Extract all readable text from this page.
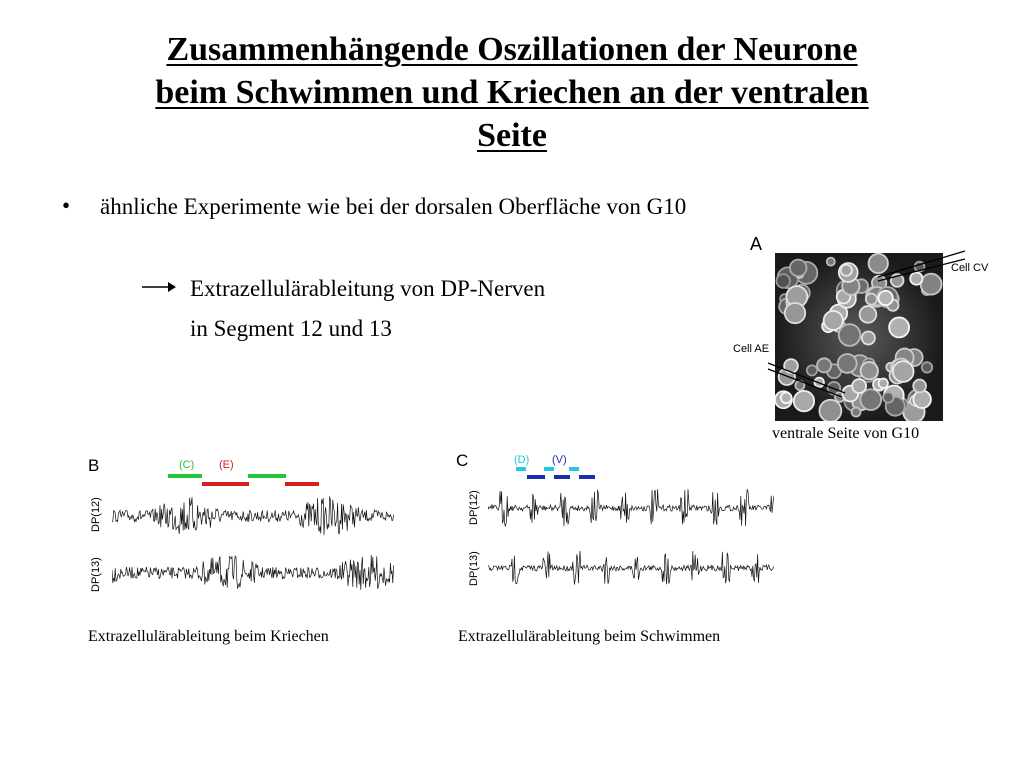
Zusammenhängende Oszillationen der Neurone
beim Schwimmen und Kriechen an der ventralen
Seite
• ähnliche Experimente wie bei der dorsalen Oberfläche von G10
Extrazellulärableitung von DP-Nerven
in Segment 12 und 13
A
Cell CV
Cell AE
ventrale Seite von G10
B	(C) (E)
DP(12)
DP(13)
Extrazellulärableitung beim Kriechen
C	(D) (V)
DP(12)
DP(13)
Extrazellulärableitung beim Schwimmen
